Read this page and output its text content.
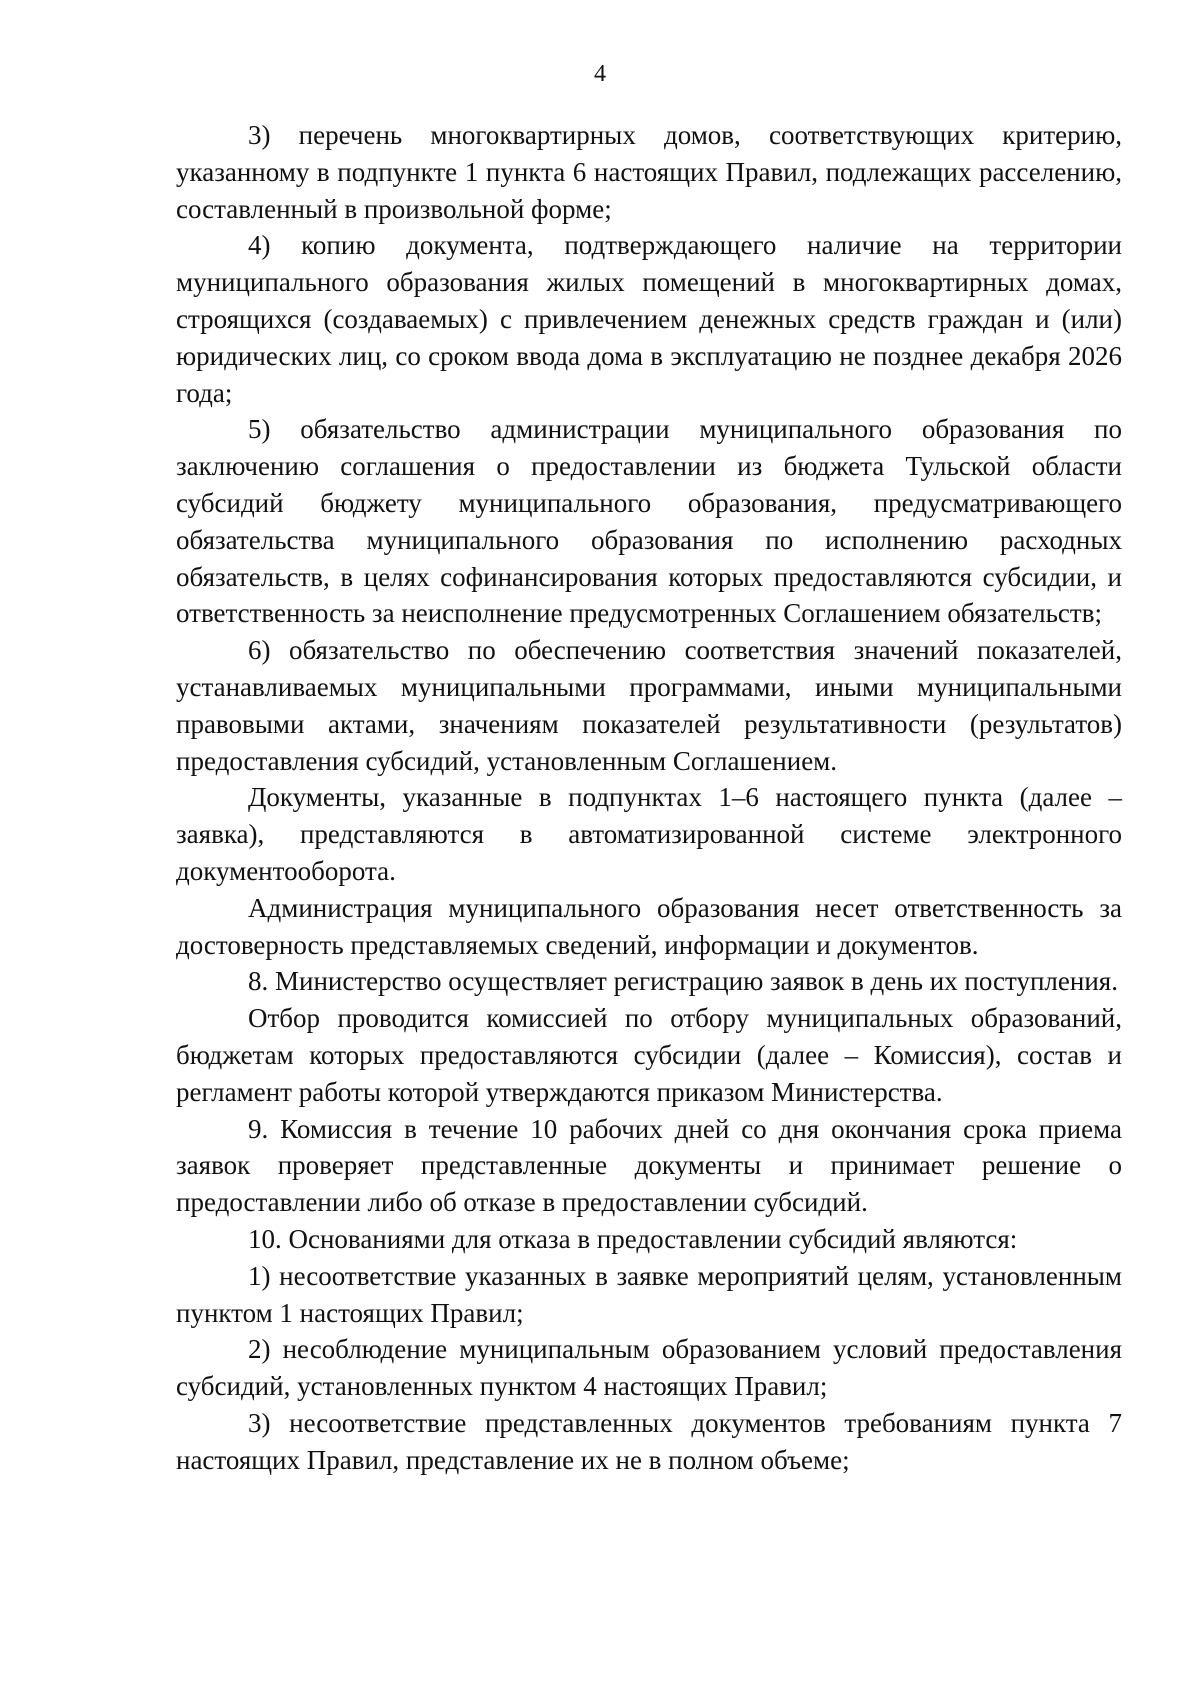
4

3) перечень многоквартирных домов, соответствующих критерию, указанному в подпункте 1 пункта 6 настоящих Правил, подлежащих расселению, составленный в произвольной форме;

4) копию документа, подтверждающего наличие на территории муниципального образования жилых помещений в многоквартирных домах, строящихся (создаваемых) с привлечением денежных средств граждан и (или) юридических лиц, со сроком ввода дома в эксплуатацию не позднее декабря 2026 года;

5) обязательство администрации муниципального образования по заключению соглашения о предоставлении из бюджета Тульской области субсидий бюджету муниципального образования, предусматривающего обязательства муниципального образования по исполнению расходных обязательств, в целях софинансирования которых предоставляются субсидии, и ответственность за неисполнение предусмотренных Соглашением обязательств;

6) обязательство по обеспечению соответствия значений показателей, устанавливаемых муниципальными программами, иными муниципальными правовыми актами, значениям показателей результативности (результатов) предоставления субсидий, установленным Соглашением.

Документы, указанные в подпунктах 1–6 настоящего пункта (далее – заявка), представляются в автоматизированной системе электронного документооборота.

Администрация муниципального образования несет ответственность за достоверность представляемых сведений, информации и документов.

8. Министерство осуществляет регистрацию заявок в день их поступления.

Отбор проводится комиссией по отбору муниципальных образований, бюджетам которых предоставляются субсидии (далее – Комиссия), состав и регламент работы которой утверждаются приказом Министерства.

9. Комиссия в течение 10 рабочих дней со дня окончания срока приема заявок проверяет представленные документы и принимает решение о предоставлении либо об отказе в предоставлении субсидий.

10. Основаниями для отказа в предоставлении субсидий являются:

1) несоответствие указанных в заявке мероприятий целям, установленным пунктом 1 настоящих Правил;

2) несоблюдение муниципальным образованием условий предоставления субсидий, установленных пунктом 4 настоящих Правил;

3) несоответствие представленных документов требованиям пункта 7 настоящих Правил, представление их не в полном объеме;
